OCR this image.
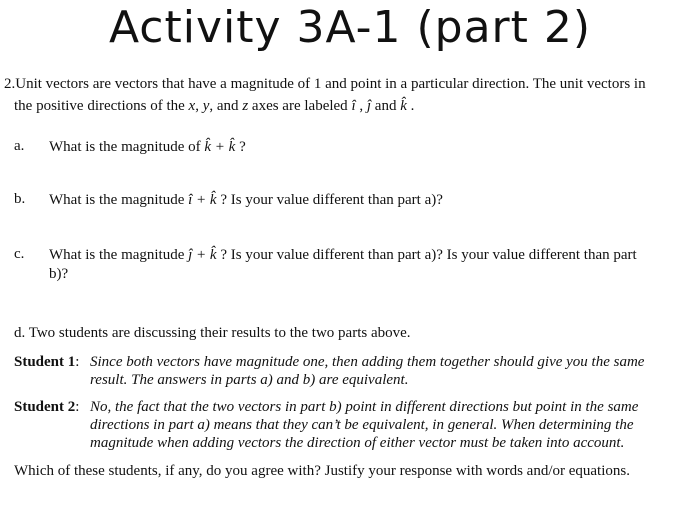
Activity 3A-1 (part 2)
2.Unit vectors are vectors that have a magnitude of 1 and point in a particular direction. The unit vectors in
the positive directions of the x, y, and z axes are labeled î , ĵ and k̂ .
a. What is the magnitude of k̂ + k̂ ?
b. What is the magnitude î + k̂ ? Is your value different than part a)?
c. What is the magnitude ĵ + k̂ ? Is your value different than part a)? Is your value different than part
b)?
d. Two students are discussing their results to the two parts above.
Student 1: Since both vectors have magnitude one, then adding them together should give you the same
result. The answers in parts a) and b) are equivalent.
Student 2: No, the fact that the two vectors in part b) point in different directions but point in the same
directions in part a) means that they can’t be equivalent, in general. When determining the
magnitude when adding vectors the direction of either vector must be taken into account.
Which of these students, if any, do you agree with? Justify your response with words and/or equations.
